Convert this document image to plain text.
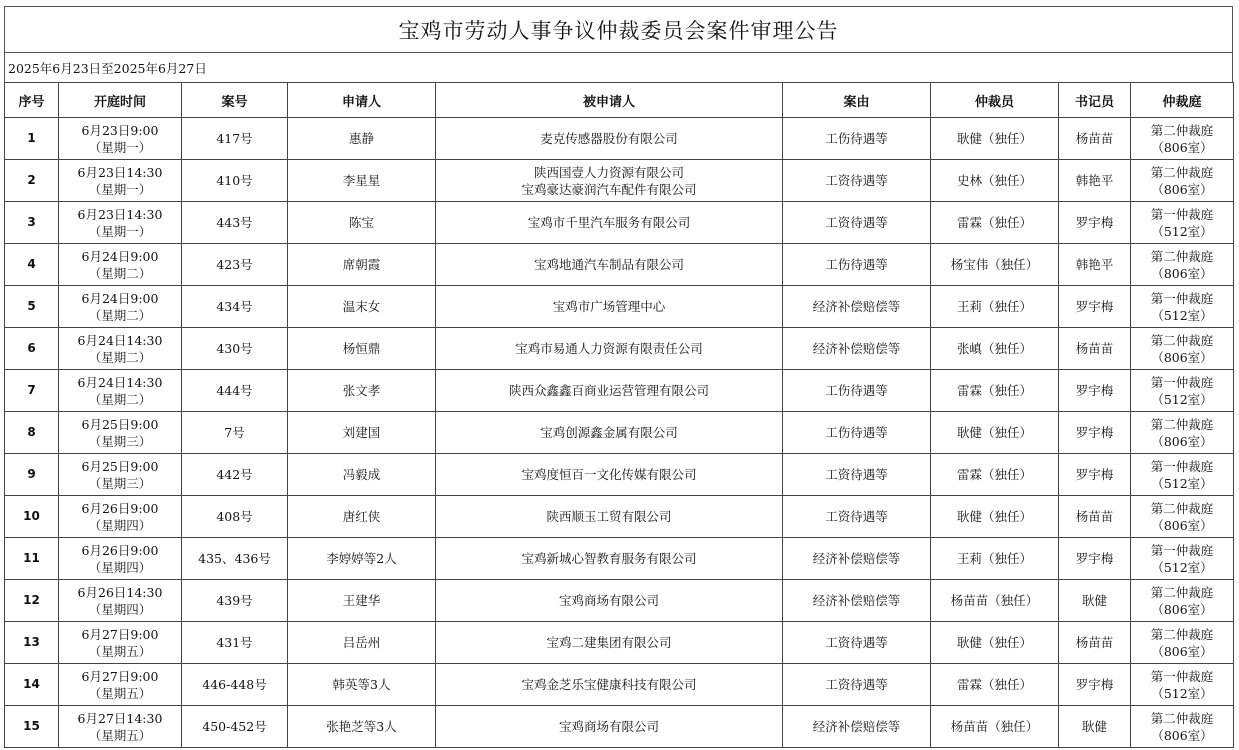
宝鸡市劳动人事争议仲裁委员会案件审理公告
2025年6月23日至2025年6月27日
序号	开庭时间	案号	申请人	被申请人	案由	仲裁员	书记员	仲裁庭
1	6月23日9:00
（星期一）	417号	惠静	麦克传感器股份有限公司	工伤待遇等	耿健（独任）	杨苗苗	第二仲裁庭
（806室）

2	6月23日14:30
（星期一）	410号	李星星	陕西国壹人力资源有限公司
宝鸡豪达豪润汽车配件有限公司	工资待遇等	史林（独任）	韩艳平	第二仲裁庭
（806室）

3	6月23日14:30
（星期一）	443号	陈宝	宝鸡市千里汽车服务有限公司	工资待遇等	雷霖（独任）	罗宇梅	第一仲裁庭
（512室）

4	6月24日9:00
（星期二）	423号	席朝霞	宝鸡地通汽车制品有限公司	工伤待遇等	杨宝伟（独任）	韩艳平	第二仲裁庭
（806室）

5	6月24日9:00
（星期二）	434号	温末女	宝鸡市广场管理中心	经济补偿赔偿等	王莉（独任）	罗宇梅	第一仲裁庭
（512室）

6	6月24日14:30
（星期二）	430号	杨恒鼎	宝鸡市易通人力资源有限责任公司	经济补偿赔偿等	张嵮（独任）	杨苗苗	第二仲裁庭
（806室）

7	6月24日14:30
（星期二）	444号	张文孝	陕西众鑫鑫百商业运营管理有限公司	工伤待遇等	雷霖（独任）	罗宇梅	第一仲裁庭
（512室）

8	6月25日9:00
（星期三）	7号	刘建国	宝鸡创源鑫金属有限公司	工伤待遇等	耿健（独任）	罗宇梅	第二仲裁庭
（806室）

9	6月25日9:00
（星期三）	442号	冯毅成	宝鸡度恒百一文化传媒有限公司	工资待遇等	雷霖（独任）	罗宇梅	第一仲裁庭
（512室）

10	6月26日9:00
（星期四）	408号	唐红侠	陕西顺玉工贸有限公司	工资待遇等	耿健（独任）	杨苗苗	第二仲裁庭
（806室）

11	6月26日9:00
（星期四）	435、436号	李婷婷等2人	宝鸡新城心智教育服务有限公司	经济补偿赔偿等	王莉（独任）	罗宇梅	第一仲裁庭
（512室）

12	6月26日14:30
（星期四）	439号	王建华	宝鸡商场有限公司	经济补偿赔偿等	杨苗苗（独任）	耿健	第二仲裁庭
（806室）

13	6月27日9:00
（星期五）	431号	吕岳州	宝鸡二建集团有限公司	工资待遇等	耿健（独任）	杨苗苗	第二仲裁庭
（806室）

14	6月27日9:00
（星期五）	446-448号	韩英等3人	宝鸡金芝乐宝健康科技有限公司	工资待遇等	雷霖（独任）	罗宇梅	第一仲裁庭
（512室）

15	6月27日14:30
（星期五）	450-452号	张艳芝等3人	宝鸡商场有限公司	经济补偿赔偿等	杨苗苗（独任）	耿健	第二仲裁庭
（806室）
